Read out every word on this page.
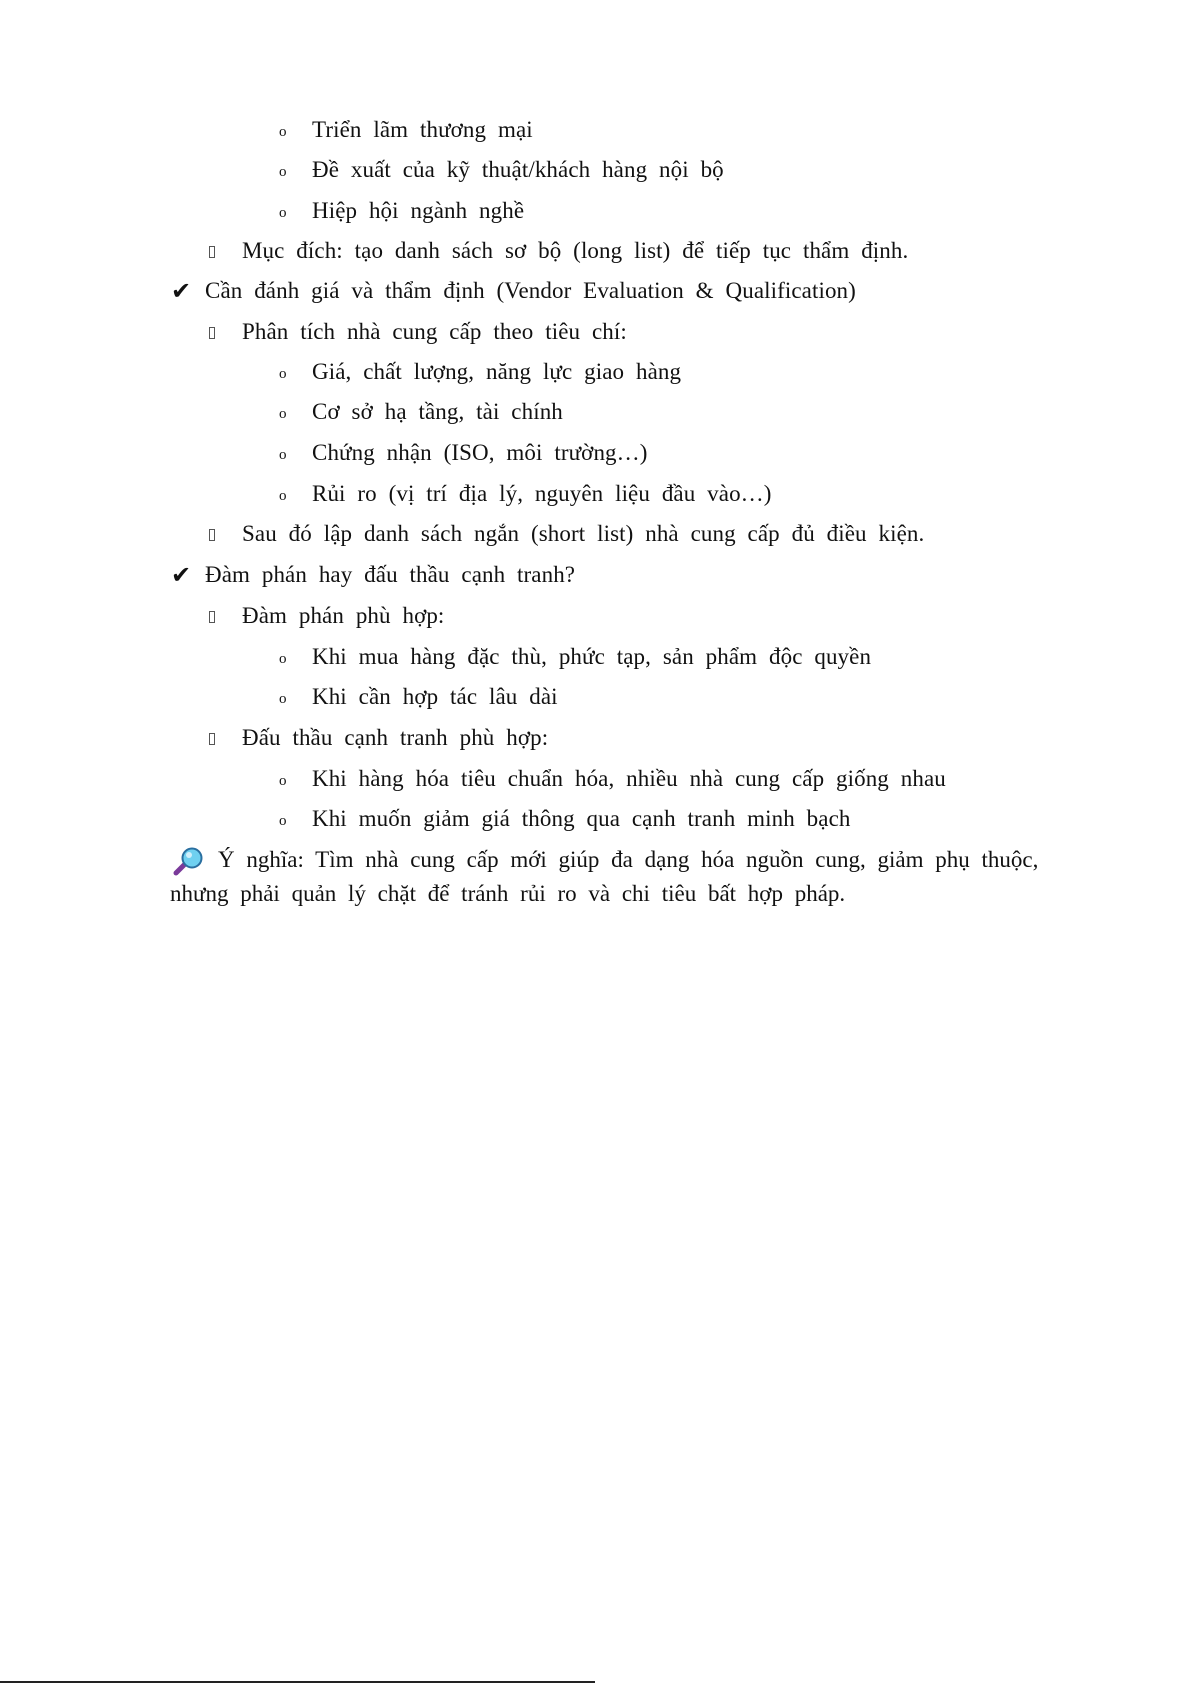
o Triển lãm thương mại
o Đề xuất của kỹ thuật/khách hàng nội bộ
o Hiệp hội ngành nghề
Mục đích: tạo danh sách sơ bộ (long list) để tiếp tục thẩm định.
✔ Cần đánh giá và thẩm định (Vendor Evaluation & Qualification)
Phân tích nhà cung cấp theo tiêu chí:
o Giá, chất lượng, năng lực giao hàng
o Cơ sở hạ tầng, tài chính
o Chứng nhận (ISO, môi trường…)
o Rủi ro (vị trí địa lý, nguyên liệu đầu vào…)
Sau đó lập danh sách ngắn (short list) nhà cung cấp đủ điều kiện.
✔ Đàm phán hay đấu thầu cạnh tranh?
Đàm phán phù hợp:
o Khi mua hàng đặc thù, phức tạp, sản phẩm độc quyền
o Khi cần hợp tác lâu dài
Đấu thầu cạnh tranh phù hợp:
o Khi hàng hóa tiêu chuẩn hóa, nhiều nhà cung cấp giống nhau
o Khi muốn giảm giá thông qua cạnh tranh minh bạch
Ý nghĩa: Tìm nhà cung cấp mới giúp đa dạng hóa nguồn cung, giảm phụ thuộc,
nhưng phải quản lý chặt để tránh rủi ro và chi tiêu bất hợp pháp.
